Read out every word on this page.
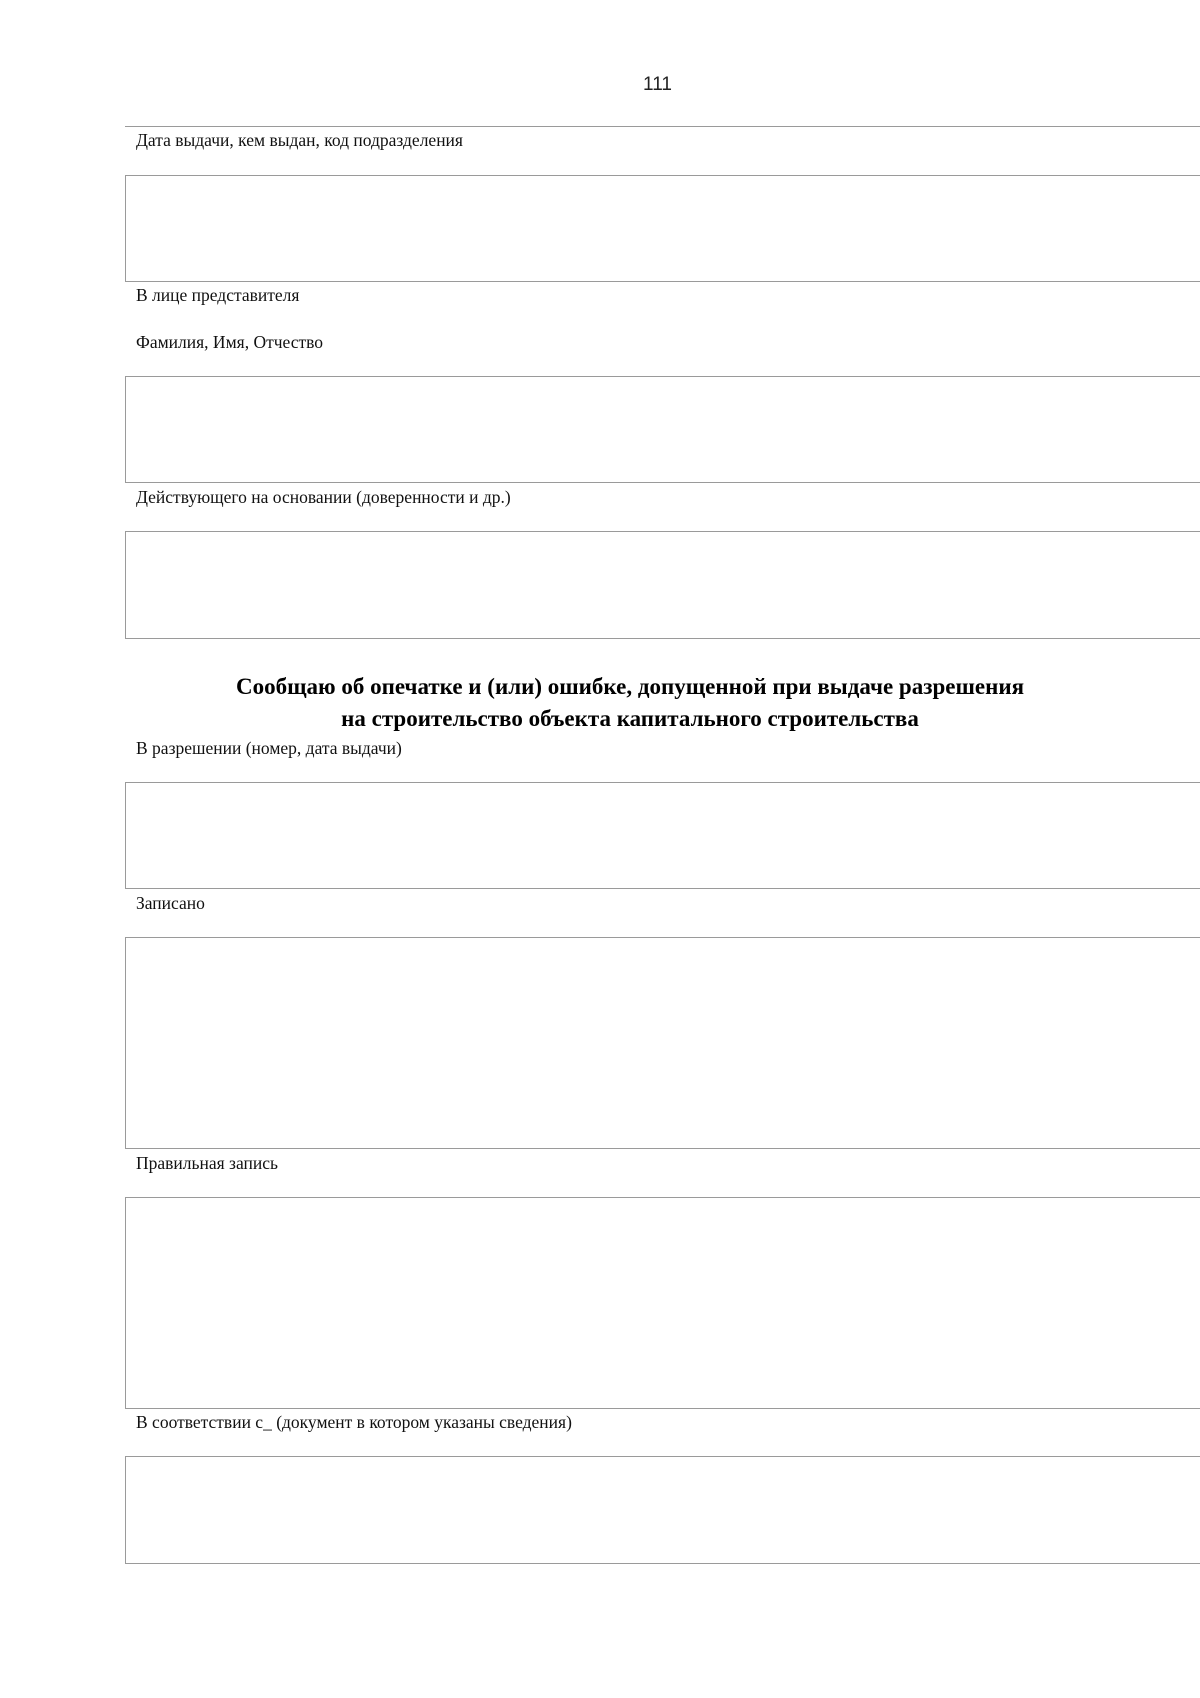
111
Дата выдачи, кем выдан, код подразделения
В лице представителя
Фамилия, Имя, Отчество
Действующего на основании (доверенности и др.)
Сообщаю об опечатке и (или) ошибке, допущенной при выдаче разрешения
на строительство объекта капитального строительства
В разрешении (номер, дата выдачи)
Записано
Правильная запись
В соответствии с_ (документ в котором указаны сведения)
